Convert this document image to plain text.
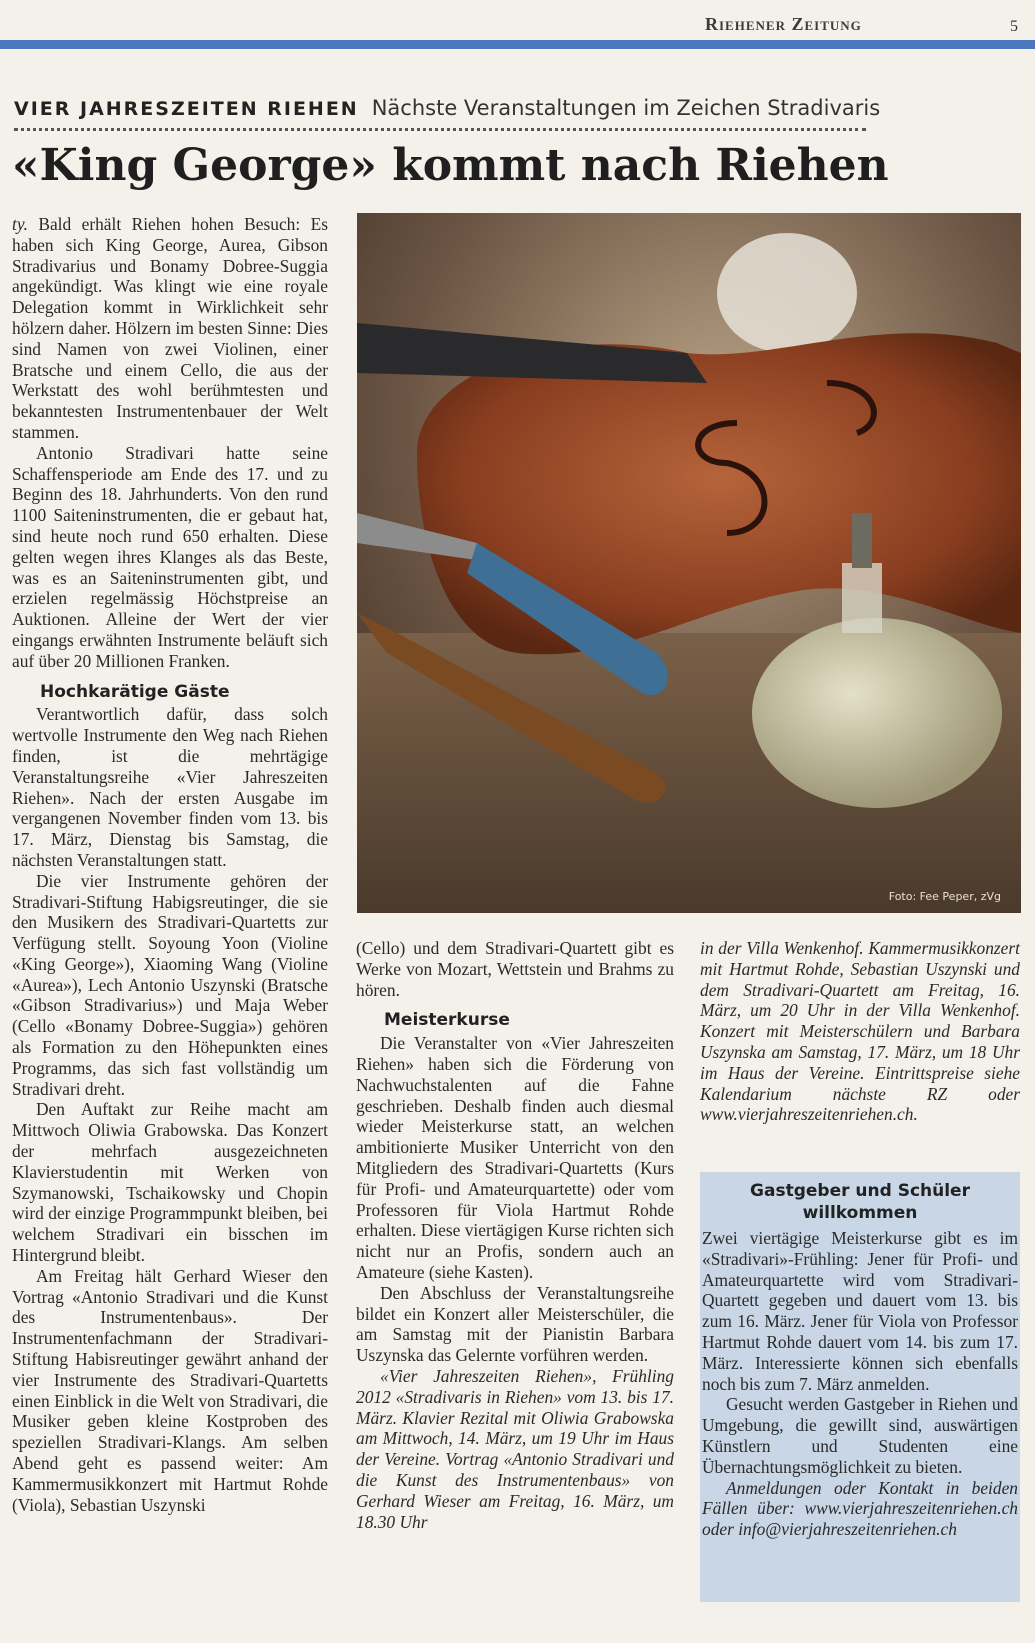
Riehener Zeitung	5
VIER JAHRESZEITEN RIEHEN Nächste Veranstaltungen im Zeichen Stradivaris
«King George» kommt nach Riehen

ty. Bald erhält Riehen hohen Besuch: Es haben sich King George, Aurea, Gibson Stradivarius und Bonamy Dobree-Suggia angekündigt. Was klingt wie eine royale Delegation kommt in Wirklichkeit sehr hölzern daher. Hölzern im besten Sinne: Dies sind Namen von zwei Violinen, einer Bratsche und einem Cello, die aus der Werkstatt des wohl berühmtesten und bekanntesten Instrumentenbauer der Welt stammen.

Antonio Stradivari hatte seine Schaffensperiode am Ende des 17. und zu Beginn des 18. Jahrhunderts. Von den rund 1100 Saiteninstrumenten, die er gebaut hat, sind heute noch rund 650 erhalten. Diese gelten wegen ihres Klanges als das Beste, was es an Saiteninstrumenten gibt, und erzielen regelmässig Höchstpreise an Auktionen. Alleine der Wert der vier eingangs erwähnten Instrumente beläuft sich auf über 20 Millionen Franken.

Hochkarätige Gäste

Verantwortlich dafür, dass solch wertvolle Instrumente den Weg nach Riehen finden, ist die mehrtägige Veranstaltungsreihe «Vier Jahreszeiten Riehen». Nach der ersten Ausgabe im vergangenen November finden vom 13. bis 17. März, Dienstag bis Samstag, die nächsten Veranstaltungen statt.

Die vier Instrumente gehören der Stradivari-Stiftung Habigsreutinger, die sie den Musikern des Stradivari-Quartetts zur Verfügung stellt. Soyoung Yoon (Violine «King George»), Xiaoming Wang (Violine «Aurea»), Lech Antonio Uszynski (Bratsche «Gibson Stradivarius») und Maja Weber (Cello «Bonamy Dobree-Suggia») gehören als Formation zu den Höhepunkten eines Programms, das sich fast vollständig um Stradivari dreht.

Den Auftakt zur Reihe macht am Mittwoch Oliwia Grabowska. Das Konzert der mehrfach ausgezeichneten Klavierstudentin mit Werken von Szymanowski, Tschaikowsky und Chopin wird der einzige Programmpunkt bleiben, bei welchem Stradivari ein bisschen im Hintergrund bleibt.

Am Freitag hält Gerhard Wieser den Vortrag «Antonio Stradivari und die Kunst des Instrumentenbaus». Der Instrumentenfachmann der Stradivari-Stiftung Habisreutinger gewährt anhand der vier Instrumente des Stradivari-Quartetts einen Einblick in die Welt von Stradivari, die Musiker geben kleine Kostproben des speziellen Stradivari-Klangs. Am selben Abend geht es passend weiter: Am Kammermusikkonzert mit Hartmut Rohde (Viola), Sebastian Uszynski

Foto: Fee Peper, zVg

(Cello) und dem Stradivari-Quartett gibt es Werke von Mozart, Wettstein und Brahms zu hören.

Meisterkurse

Die Veranstalter von «Vier Jahreszeiten Riehen» haben sich die Förderung von Nachwuchstalenten auf die Fahne geschrieben. Deshalb finden auch diesmal wieder Meisterkurse statt, an welchen ambitionierte Musiker Unterricht von den Mitgliedern des Stradivari-Quartetts (Kurs für Profi- und Amateurquartette) oder vom Professoren für Viola Hartmut Rohde erhalten. Diese viertägigen Kurse richten sich nicht nur an Profis, sondern auch an Amateure (siehe Kasten).

Den Abschluss der Veranstaltungsreihe bildet ein Konzert aller Meisterschüler, die am Samstag mit der Pianistin Barbara Uszynska das Gelernte vorführen werden.

«Vier Jahreszeiten Riehen», Frühling 2012 «Stradivaris in Riehen» vom 13. bis 17. März. Klavier Rezital mit Oliwia Grabowska am Mittwoch, 14. März, um 19 Uhr im Haus der Vereine. Vortrag «Antonio Stradivari und die Kunst des Instrumentenbaus» von Gerhard Wieser am Freitag, 16. März, um 18.30 Uhr

in der Villa Wenkenhof. Kammermusikkonzert mit Hartmut Rohde, Sebastian Uszynski und dem Stradivari-Quartett am Freitag, 16. März, um 20 Uhr in der Villa Wenkenhof. Konzert mit Meisterschülern und Barbara Uszynska am Samstag, 17. März, um 18 Uhr im Haus der Vereine. Eintrittspreise siehe Kalendarium nächste RZ oder www.vierjahreszeitenriehen.ch.

Gastgeber und Schüler willkommen

Zwei viertägige Meisterkurse gibt es im «Stradivari»-Frühling: Jener für Profi- und Amateurquartette wird vom Stradivari-Quartett gegeben und dauert vom 13. bis zum 16. März. Jener für Viola von Professor Hartmut Rohde dauert vom 14. bis zum 17. März. Interessierte können sich ebenfalls noch bis zum 7. März anmelden.

Gesucht werden Gastgeber in Riehen und Umgebung, die gewillt sind, auswärtigen Künstlern und Studenten eine Übernachtungsmöglichkeit zu bieten.

Anmeldungen oder Kontakt in beiden Fällen über: www.vierjahreszeitenriehen.ch oder info@vierjahreszeitenriehen.ch
